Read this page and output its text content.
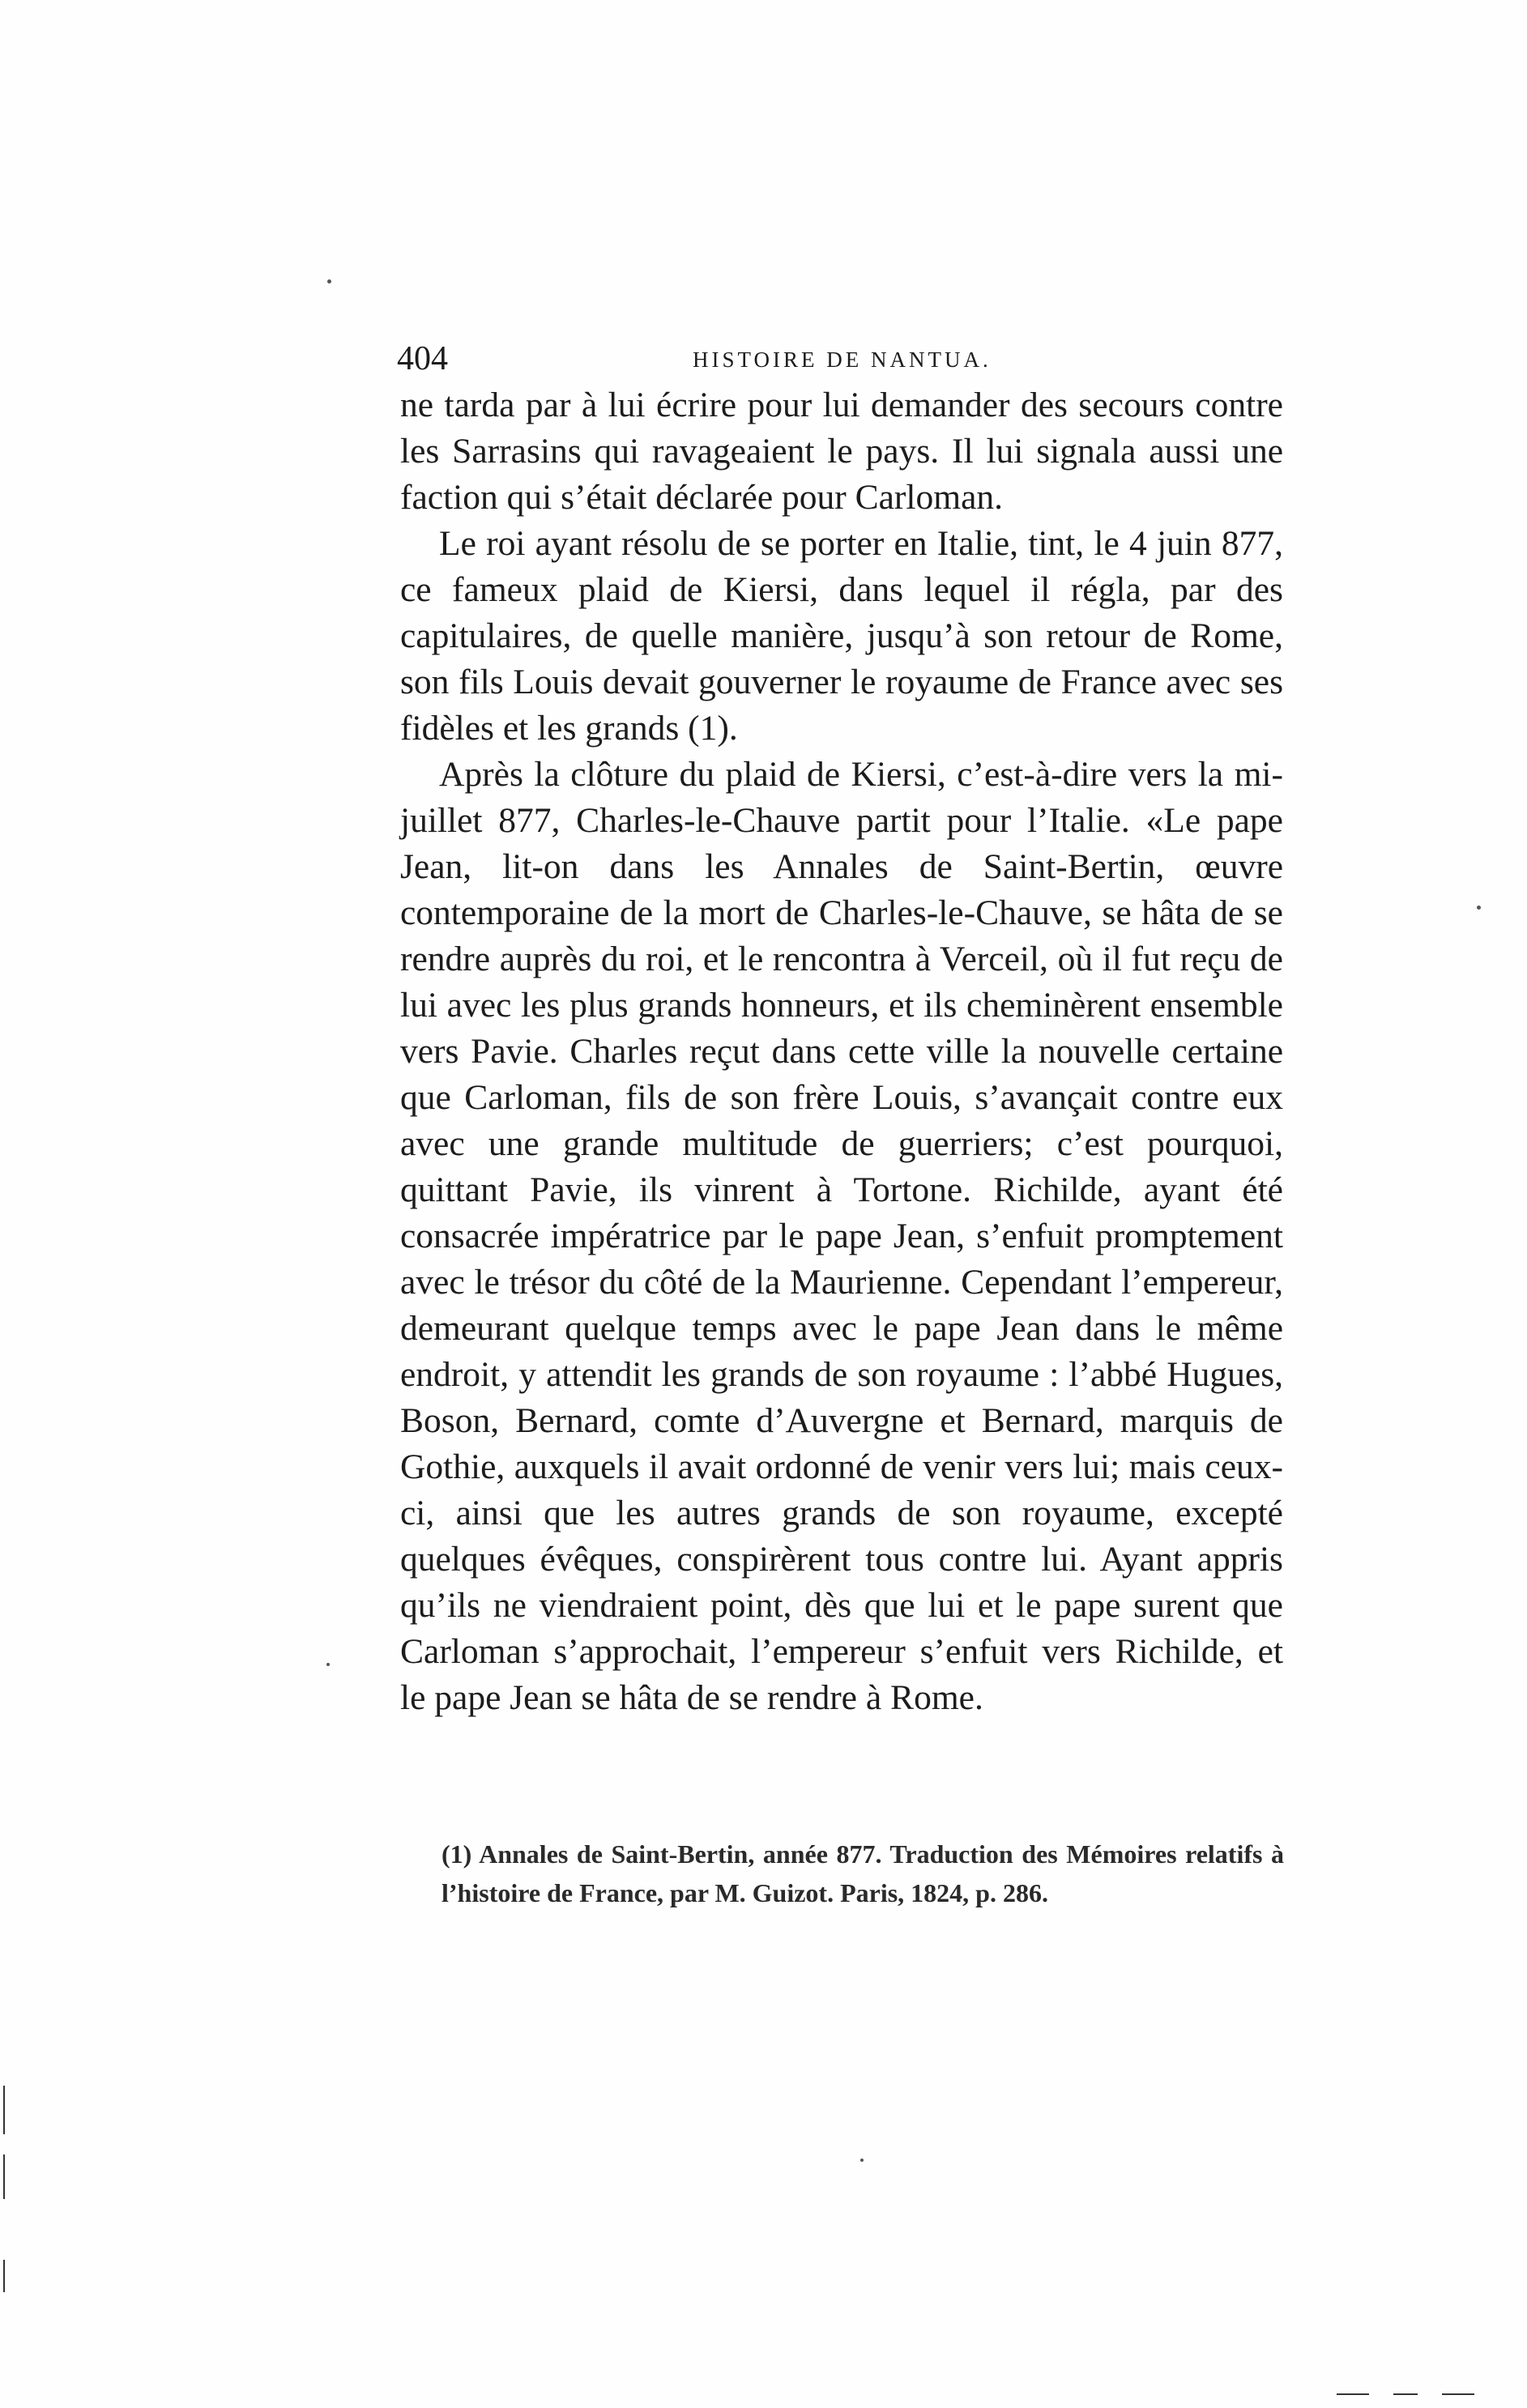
404	HISTOIRE DE NANTUA.

ne tarda par à lui écrire pour lui demander des secours contre les Sarrasins qui ravageaient le pays. Il lui signala aussi une faction qui s’était déclarée pour Carloman.

Le roi ayant résolu de se porter en Italie, tint, le 4 juin 877, ce fameux plaid de Kiersi, dans lequel il régla, par des capitulaires, de quelle manière, jusqu’à son retour de Rome, son fils Louis devait gouverner le royaume de France avec ses fidèles et les grands (1).

Après la clôture du plaid de Kiersi, c’est-à-dire vers la mi-juillet 877, Charles-le-Chauve partit pour l’Italie. «Le pape Jean, lit-on dans les Annales de Saint-Bertin, œuvre contemporaine de la mort de Charles-le-Chauve, se hâta de se rendre auprès du roi, et le rencontra à Verceil, où il fut reçu de lui avec les plus grands honneurs, et ils cheminèrent ensemble vers Pavie. Charles reçut dans cette ville la nouvelle certaine que Carloman, fils de son frère Louis, s’avançait contre eux avec une grande multitude de guerriers; c’est pourquoi, quittant Pavie, ils vinrent à Tortone. Richilde, ayant été consacrée impératrice par le pape Jean, s’enfuit promptement avec le trésor du côté de la Maurienne. Cependant l’empereur, demeurant quelque temps avec le pape Jean dans le même endroit, y attendit les grands de son royaume : l’abbé Hugues, Boson, Bernard, comte d’Auvergne et Bernard, marquis de Gothie, auxquels il avait ordonné de venir vers lui; mais ceux-ci, ainsi que les autres grands de son royaume, excepté quelques évêques, conspirèrent tous contre lui. Ayant appris qu’ils ne viendraient point, dès que lui et le pape surent que Carloman s’approchait, l’empereur s’enfuit vers Richilde, et le pape Jean se hâta de se rendre à Rome.

(1) Annales de Saint-Bertin, année 877. Traduction des Mémoires relatifs à l’histoire de France, par M. Guizot. Paris, 1824, p. 286.
